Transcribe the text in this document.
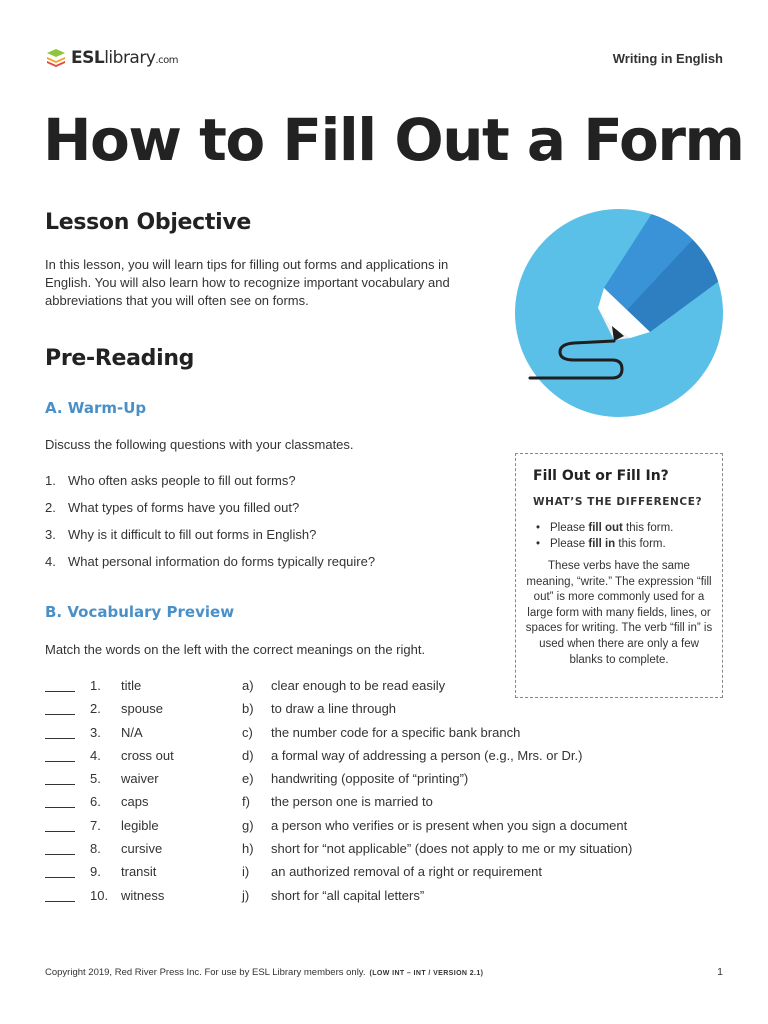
ESLlibrary.com	Writing in English
How to Fill Out a Form
Lesson Objective

In this lesson, you will learn tips for filling out forms and applications in English. You will also learn how to recognize important vocabulary and abbreviations that you will often see on forms.

Pre-Reading
A. Warm-Up

Discuss the following questions with your classmates.

1. Who often asks people to fill out forms?
2. What types of forms have you filled out?
3. Why is it difficult to fill out forms in English?
4. What personal information do forms typically require?
Fill Out or Fill In?
WHAT’S THE DIFFERENCE?
• Please fill out this form.
• Please fill in this form.

These verbs have the same meaning, “write.” The expression “fill out” is more commonly used for a large form with many fields, lines, or spaces for writing. The verb “fill in” is used when there are only a few blanks to complete.

B. Vocabulary Preview

Match the words on the left with the correct meanings on the right.

1.	title	a)	clear enough to be read easily
2.	spouse	b)	to draw a line through
3.	N/A	c)	the number code for a specific bank branch
4.	cross out	d)	a formal way of addressing a person (e.g., Mrs. or Dr.)
5.	waiver	e)	handwriting (opposite of “printing”)
6.	caps	f)	the person one is married to
7.	legible	g)	a person who verifies or is present when you sign a document
8.	cursive	h)	short for “not applicable” (does not apply to me or my situation)
9.	transit	i)	an authorized removal of a right or requirement
10. witness	j)	short for “all capital letters”
Copyright 2019, Red River Press Inc. For use by ESL Library members only. (LOW INT – INT / VERSION 2.1)	1
